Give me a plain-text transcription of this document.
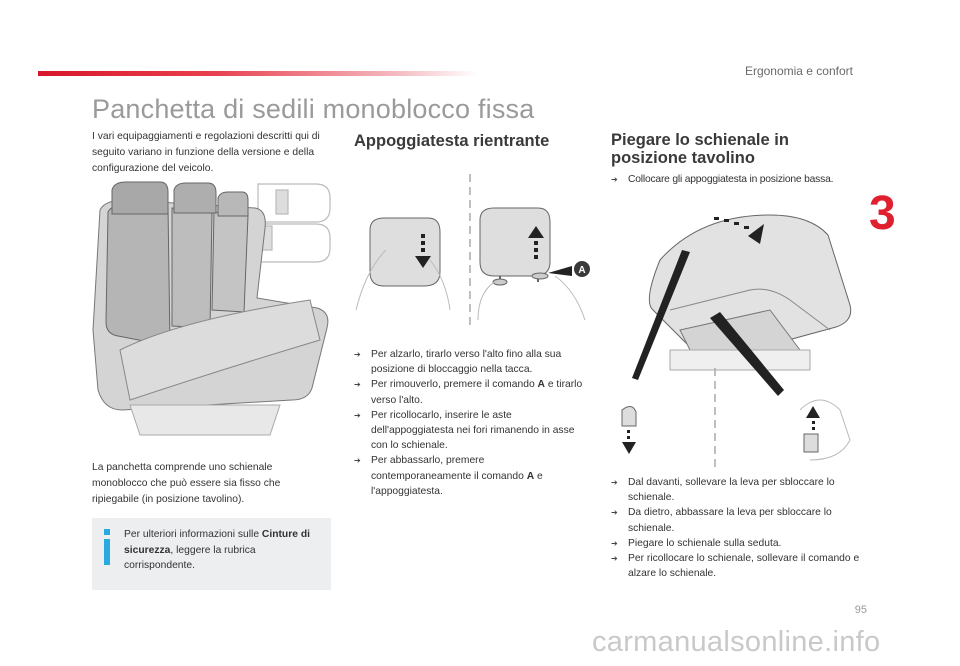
Ergonomia e confort
3
Panchetta di sedili monoblocco fissa
I vari equipaggiamenti e regolazioni descritti qui di seguito variano in funzione della versione e della configurazione del veicolo.
La panchetta comprende uno schienale monoblocco che può essere sia fisso che ripiegabile (in posizione tavolino).
Per ulteriori informazioni sulle Cinture di sicurezza, leggere la rubrica corrispondente.
Appoggiatesta rientrante
A
➔ Per alzarlo, tirarlo verso l'alto fino alla sua posizione di bloccaggio nella tacca.
➔ Per rimouverlo, premere il comando A e tirarlo verso l'alto.
➔ Per ricollocarlo, inserire le aste dell'appoggiatesta nei fori rimanendo in asse con lo schienale.
➔ Per abbassarlo, premere contemporaneamente il comando A e l'appoggiatesta.
Piegare lo schienale in
posizione tavolino
➔ Collocare gli appoggiatesta in posizione bassa.
➔ Dal davanti, sollevare la leva per sbloccare lo schienale.
➔ Da dietro, abbassare la leva per sbloccare lo schienale.
➔ Piegare lo schienale sulla seduta.
➔ Per ricollocare lo schienale, sollevare il comando e alzare lo schienale.
95
carmanualsonline.info
